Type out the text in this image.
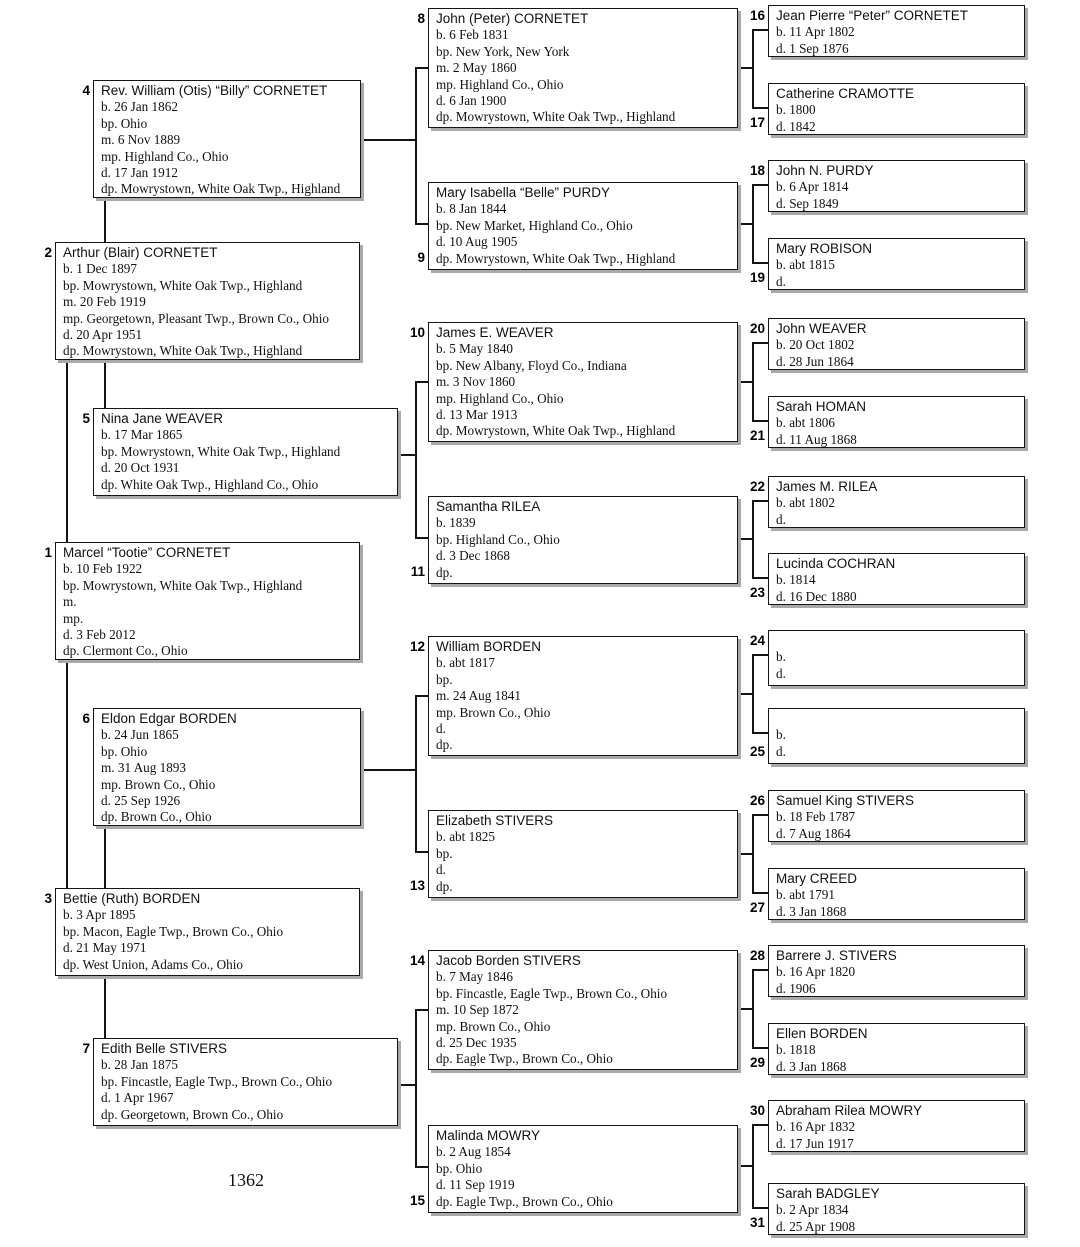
4 Rev. William (Otis) “Billy” CORNETET
b. 26 Jan 1862
bp. Ohio
m. 6 Nov 1889
mp. Highland Co., Ohio
d. 17 Jan 1912
dp. Mowrystown, White Oak Twp., Highland
2 Arthur (Blair) CORNETET
b. 1 Dec 1897
bp. Mowrystown, White Oak Twp., Highland
m. 20 Feb 1919
mp. Georgetown, Pleasant Twp., Brown Co., Ohio
d. 20 Apr 1951
dp. Mowrystown, White Oak Twp., Highland
5 Nina Jane WEAVER
b. 17 Mar 1865
bp. Mowrystown, White Oak Twp., Highland
d. 20 Oct 1931
dp. White Oak Twp., Highland Co., Ohio
1 Marcel “Tootie” CORNETET
b. 10 Feb 1922
bp. Mowrystown, White Oak Twp., Highland
m.
mp.
d. 3 Feb 2012
dp. Clermont Co., Ohio
6 Eldon Edgar BORDEN
b. 24 Jun 1865
bp. Ohio
m. 31 Aug 1893
mp. Brown Co., Ohio
d. 25 Sep 1926
dp. Brown Co., Ohio
3 Bettie (Ruth) BORDEN
b. 3 Apr 1895
bp. Macon, Eagle Twp., Brown Co., Ohio
d. 21 May 1971
dp. West Union, Adams Co., Ohio
7 Edith Belle STIVERS
b. 28 Jan 1875
bp. Fincastle, Eagle Twp., Brown Co., Ohio
d. 1 Apr 1967
dp. Georgetown, Brown Co., Ohio
8 John (Peter) CORNETET
b. 6 Feb 1831
bp. New York, New York
m. 2 May 1860
mp. Highland Co., Ohio
d. 6 Jan 1900
dp. Mowrystown, White Oak Twp., Highland
9
Mary Isabella “Belle” PURDY
b. 8 Jan 1844
bp. New Market, Highland Co., Ohio
d. 10 Aug 1905
dp. Mowrystown, White Oak Twp., Highland
10 James E. WEAVER
b. 5 May 1840
bp. New Albany, Floyd Co., Indiana
m. 3 Nov 1860
mp. Highland Co., Ohio
d. 13 Mar 1913
dp. Mowrystown, White Oak Twp., Highland
11
Samantha RILEA
b. 1839
bp. Highland Co., Ohio
d. 3 Dec 1868
dp.
12 William BORDEN
b. abt 1817
bp.
m. 24 Aug 1841
mp. Brown Co., Ohio
d.
dp.
13
Elizabeth STIVERS
b. abt 1825
bp.
d.
dp.
14 Jacob Borden STIVERS
b. 7 May 1846
bp. Fincastle, Eagle Twp., Brown Co., Ohio
m. 10 Sep 1872
mp. Brown Co., Ohio
d. 25 Dec 1935
dp. Eagle Twp., Brown Co., Ohio
15
Malinda MOWRY
b. 2 Aug 1854
bp. Ohio
d. 11 Sep 1919
dp. Eagle Twp., Brown Co., Ohio
16 Jean Pierre “Peter” CORNETET
b. 11 Apr 1802
d. 1 Sep 1876
17
Catherine CRAMOTTE
b. 1800
d. 1842
18 John N. PURDY
b. 6 Apr 1814
d. Sep 1849
19
Mary ROBISON
b. abt 1815
d.
20 John WEAVER
b. 20 Oct 1802
d. 28 Jun 1864
21
Sarah HOMAN
b. abt 1806
d. 11 Aug 1868
22 James M. RILEA
b. abt 1802
d.
23
Lucinda COCHRAN
b. 1814
d. 16 Dec 1880
24
b.
d.
25
b.
d.
26 Samuel King STIVERS
b. 18 Feb 1787
d. 7 Aug 1864
27
Mary CREED
b. abt 1791
d. 3 Jan 1868
28 Barrere J. STIVERS
b. 16 Apr 1820
d. 1906
29
Ellen BORDEN
b. 1818
d. 3 Jan 1868
30 Abraham Rilea MOWRY
b. 16 Apr 1832
d. 17 Jun 1917
31
Sarah BADGLEY
b. 2 Apr 1834
d. 25 Apr 1908
1362
